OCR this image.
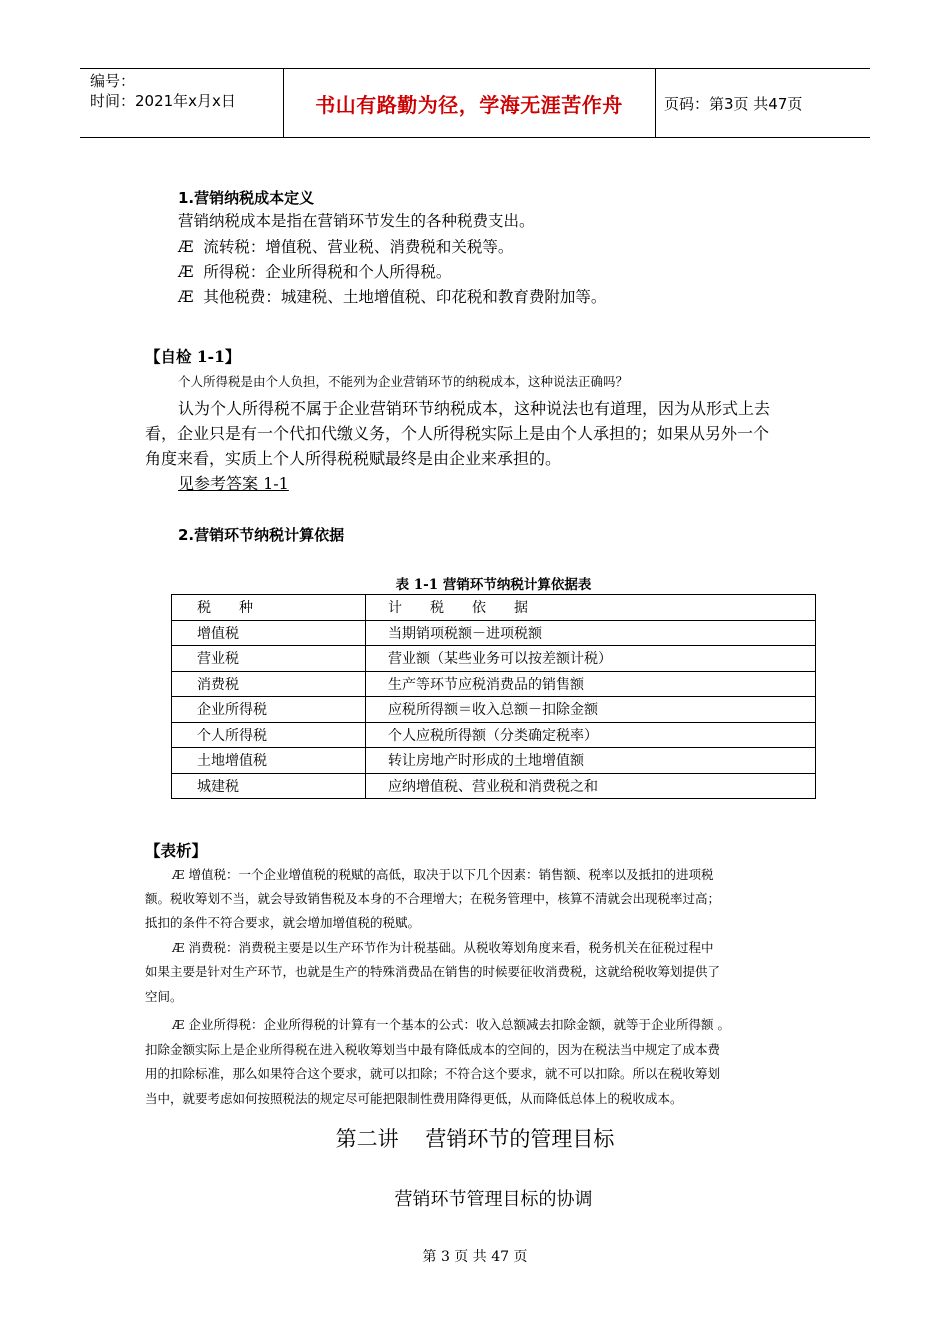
编号：
时间：2021年x月x日	书山有路勤为径，学海无涯苦作舟	页码：第3页 共47页
1.营销纳税成本定义
营销纳税成本是指在营销环节发生的各种税费支出。
Æ 流转税：增值税、营业税、消费税和关税等。
Æ 所得税：企业所得税和个人所得税。
Æ 其他税费：城建税、土地增值税、印花税和教育费附加等。
【自检 1-1】
个人所得税是由个人负担，不能列为企业营销环节的纳税成本，这种说法正确吗？
认为个人所得税不属于企业营销环节纳税成本，这种说法也有道理，因为从形式上去
看，企业只是有一个代扣代缴义务，个人所得税实际上是由个人承担的；如果从另外一个
角度来看，实质上个人所得税税赋最终是由企业来承担的。
见参考答案 1-1
2.营销环节纳税计算依据
表 1-1 营销环节纳税计算依据表
税　　种	计　　税　　依　　据
增值税	当期销项税额－进项税额
营业税	营业额（某些业务可以按差额计税）
消费税	生产等环节应税消费品的销售额
企业所得税	应税所得额＝收入总额－扣除金额
个人所得税	个人应税所得额（分类确定税率）
土地增值税	转让房地产时形成的土地增值额
城建税	应纳增值税、营业税和消费税之和
【表析】
Æ 增值税：一个企业增值税的税赋的高低，取决于以下几个因素：销售额、税率以及抵扣的进项税
额。税收筹划不当，就会导致销售税及本身的不合理增大；在税务管理中，核算不清就会出现税率过高；
抵扣的条件不符合要求，就会增加增值税的税赋。
Æ 消费税：消费税主要是以生产环节作为计税基础。从税收筹划角度来看，税务机关在征税过程中
如果主要是针对生产环节，也就是生产的特殊消费品在销售的时候要征收消费税，这就给税收筹划提供了
空间。
Æ 企业所得税：企业所得税的计算有一个基本的公式：收入总额减去扣除金额，就等于企业所得额 。
扣除金额实际上是企业所得税在进入税收筹划当中最有降低成本的空间的，因为在税法当中规定了成本费
用的扣除标准，那么如果符合这个要求，就可以扣除；不符合这个要求，就不可以扣除。所以在税收筹划
当中，就要考虑如何按照税法的规定尽可能把限制性费用降得更低，从而降低总体上的税收成本。
第二讲    营销环节的管理目标
营销环节管理目标的协调
第 3 页 共 47 页
